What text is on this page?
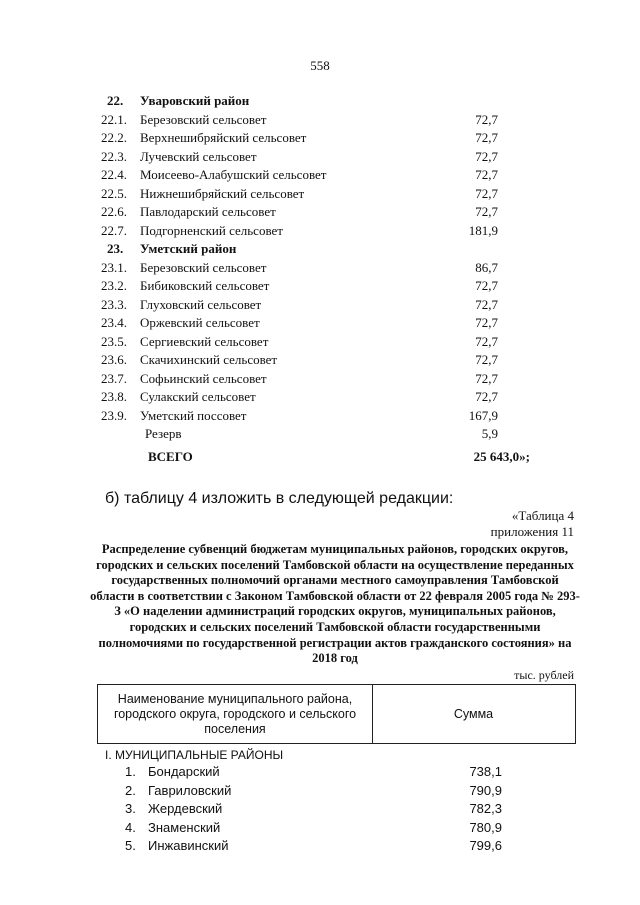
558
22. Уваровский район
22.1. Березовский сельсовет	72,7
22.2. Верхнешибряйский сельсовет	72,7
22.3. Лучевский сельсовет	72,7
22.4. Моисеево-Алабушский сельсовет	72,7
22.5. Нижнешибряйский сельсовет	72,7
22.6. Павлодарский сельсовет	72,7
22.7. Подгорненский сельсовет	181,9
23. Уметский район
23.1. Березовский сельсовет	86,7
23.2. Бибиковский сельсовет	72,7
23.3. Глуховский сельсовет	72,7
23.4. Оржевский сельсовет	72,7
23.5. Сергиевский сельсовет	72,7
23.6. Скачихинский сельсовет	72,7
23.7. Софьинский сельсовет	72,7
23.8. Сулакский сельсовет	72,7
23.9. Уметский поссовет	167,9
Резерв	5,9
ВСЕГО	25 643,0»;
б) таблицу 4 изложить в следующей редакции:
«Таблица 4
приложения 11
Распределение субвенций бюджетам муниципальных районов, городских округов, городских и сельских поселений Тамбовской области на осуществление переданных государственных полномочий органами местного самоуправления Тамбовской области в соответствии с Законом Тамбовской области от 22 февраля 2005 года № 293-З «О наделении администраций городских округов, муниципальных районов, городских и сельских поселений Тамбовской области государственными полномочиями по государственной регистрации актов гражданского состояния» на 2018 год
тыс. рублей
Наименование муниципального района, городского округа, городского и сельского поселения
Сумма
I. МУНИЦИПАЛЬНЫЕ РАЙОНЫ
1. Бондарский	738,1
2. Гавриловский	790,9
3. Жердевский	782,3
4. Знаменский	780,9
5. Инжавинский	799,6
